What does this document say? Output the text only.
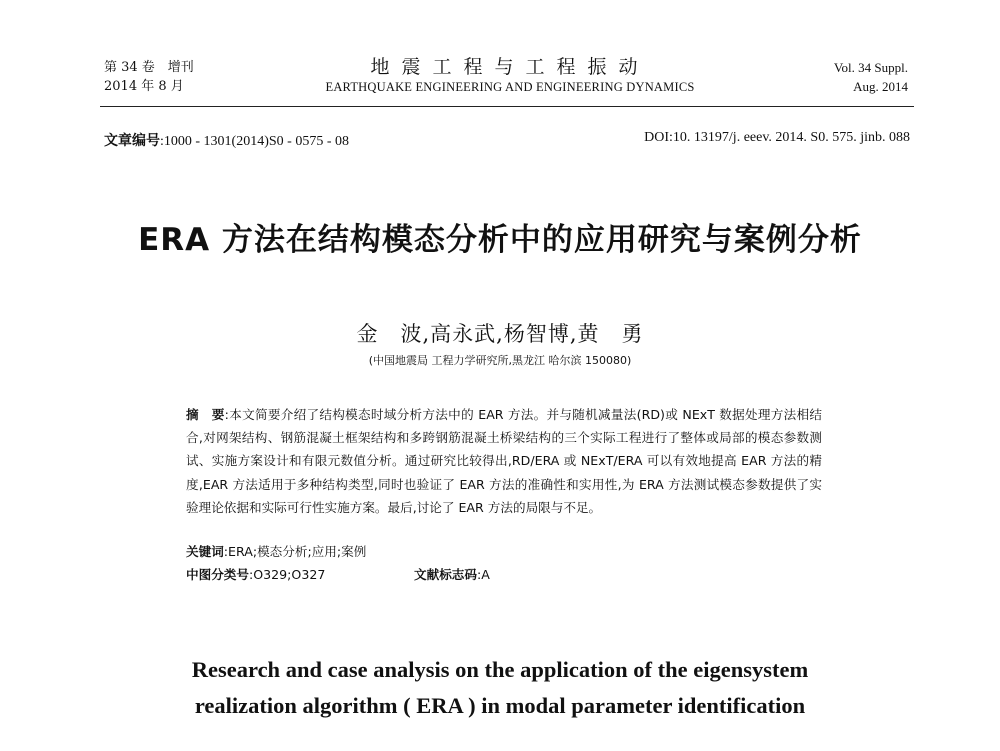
第 34 卷　增刊
2014 年 8 月
地震工程与工程振动
EARTHQUAKE ENGINEERING AND ENGINEERING DYNAMICS
Vol. 34 Suppl.
Aug. 2014
文章编号:1000 - 1301(2014)S0 - 0575 - 08	DOI:10. 13197/j. eeev. 2014. S0. 575. jinb. 088
ERA 方法在结构模态分析中的应用研究与案例分析
金　波,高永武,杨智博,黄　勇
(中国地震局 工程力学研究所,黑龙江 哈尔滨 150080)
摘　要:本文简要介绍了结构模态时域分析方法中的 EAR 方法。并与随机减量法(RD)或 NExT 数据处理方法相结合,对网架结构、钢筋混凝土框架结构和多跨钢筋混凝土桥梁结构的三个实际工程进行了整体或局部的模态参数测试、实施方案设计和有限元数值分析。通过研究比较得出,RD/ERA 或 NExT/ERA 可以有效地提高 EAR 方法的精度,EAR 方法适用于多种结构类型,同时也验证了 EAR 方法的准确性和实用性,为 ERA 方法测试模态参数提供了实验理论依据和实际可行性实施方案。最后,讨论了 EAR 方法的局限与不足。
关键词:ERA;模态分析;应用;案例
中图分类号:O329;O327	文献标志码:A
Research and case analysis on the application of the eigensystem
realization algorithm ( ERA ) in modal parameter identification
